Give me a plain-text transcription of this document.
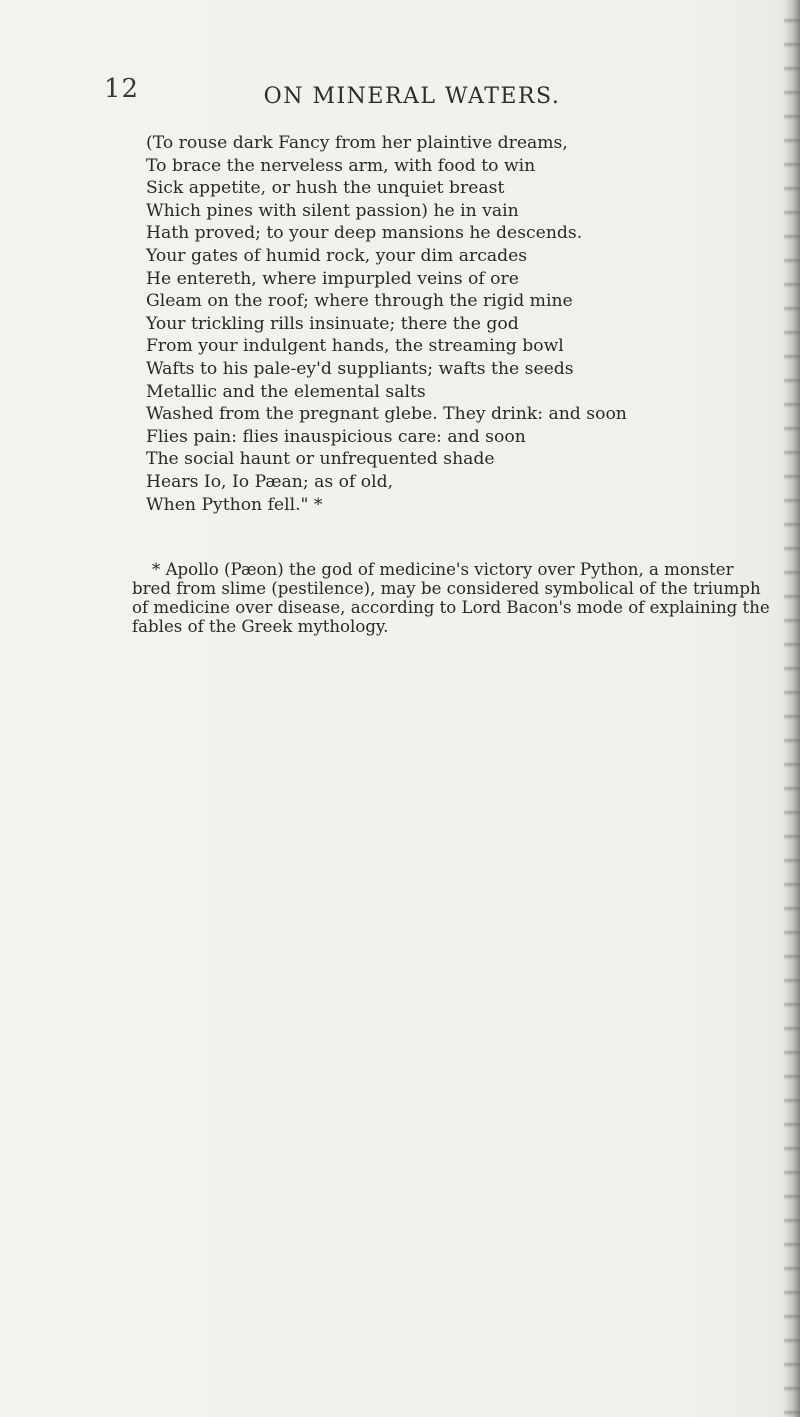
12	ON MINERAL WATERS.
(To rouse dark Fancy from her plaintive dreams,
To brace the nerveless arm, with food to win
Sick appetite, or hush the unquiet breast
Which pines with silent passion) he in vain
Hath proved; to your deep mansions he descends.
Your gates of humid rock, your dim arcades
He entereth, where impurpled veins of ore
Gleam on the roof; where through the rigid mine
Your trickling rills insinuate; there the god
From your indulgent hands, the streaming bowl
Wafts to his pale-ey'd suppliants; wafts the seeds
Metallic and the elemental salts
Washed from the pregnant glebe. They drink: and soon
Flies pain: flies inauspicious care: and soon
The social haunt or unfrequented shade
Hears Io, Io Pæan; as of old,
When Python fell." *
* Apollo (Pæon) the god of medicine's victory over Python, a monster
bred from slime (pestilence), may be considered symbolical of the triumph
of medicine over disease, according to Lord Bacon's mode of explaining the
fables of the Greek mythology.
